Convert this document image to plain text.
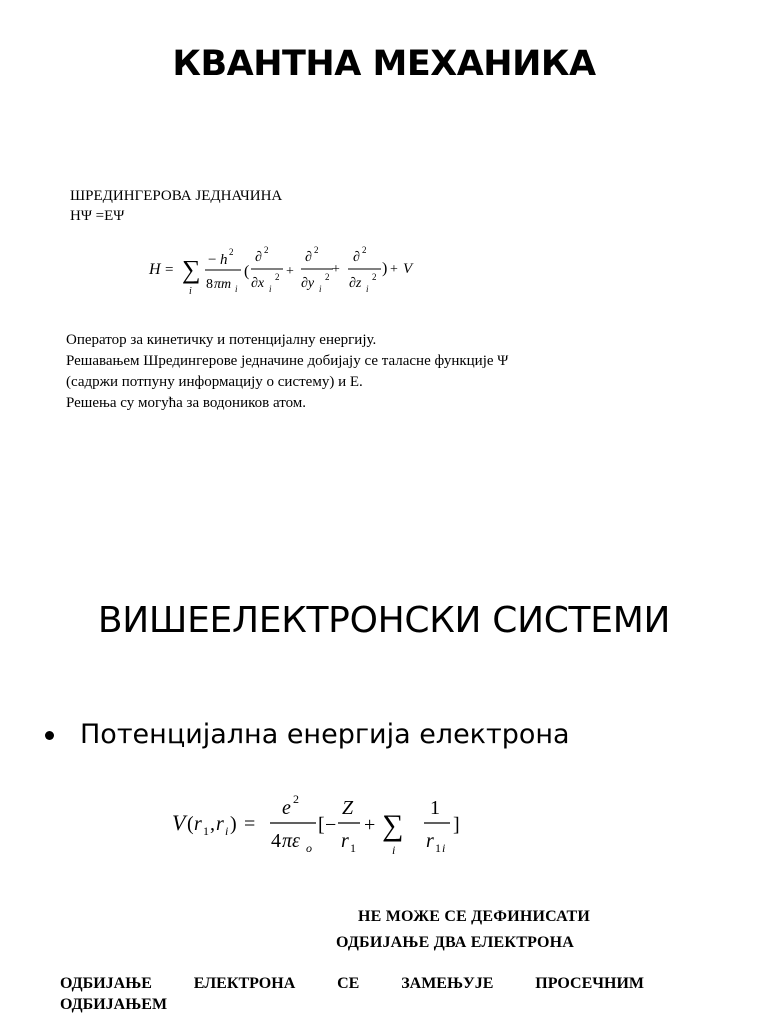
КВАНТНА МЕХАНИКА
ШРЕДИНГЕРОВА ЈЕДНАЧИНА
HΨ =EΨ
H = ∑
i
− h 2
8 πm i
(
∂ 2
∂x i
2 +
∂ 2
∂y i
2 +
∂ 2
∂z i
2 ) + V
Оператор за кинетичку и потенцијалну енергију.
Решавањем Шредингерове једначине добијају се таласне функције Ψ
(садржи потпуну информацију о систему) и Е.
Решења су могућа за водоников атом.
ВИШЕЕЛЕКТРОНСКИ СИСТЕМИ
Потенцијална енергија електрона
V ( r 1 , r i ) =
e 2
4 πε o
[ −
Z
r 1
+ ∑
i
1
r 1 i
]
НЕ МОЖЕ СЕ ДЕФИНИСАТИ
ОДБИЈАЊЕ ДВА ЕЛЕКТРОНА
ОДБИЈАЊЕ ЕЛЕКТРОНА СЕ ЗАМЕЊУЈЕ ПРОСЕЧНИМ
ОДБИЈАЊЕМ
